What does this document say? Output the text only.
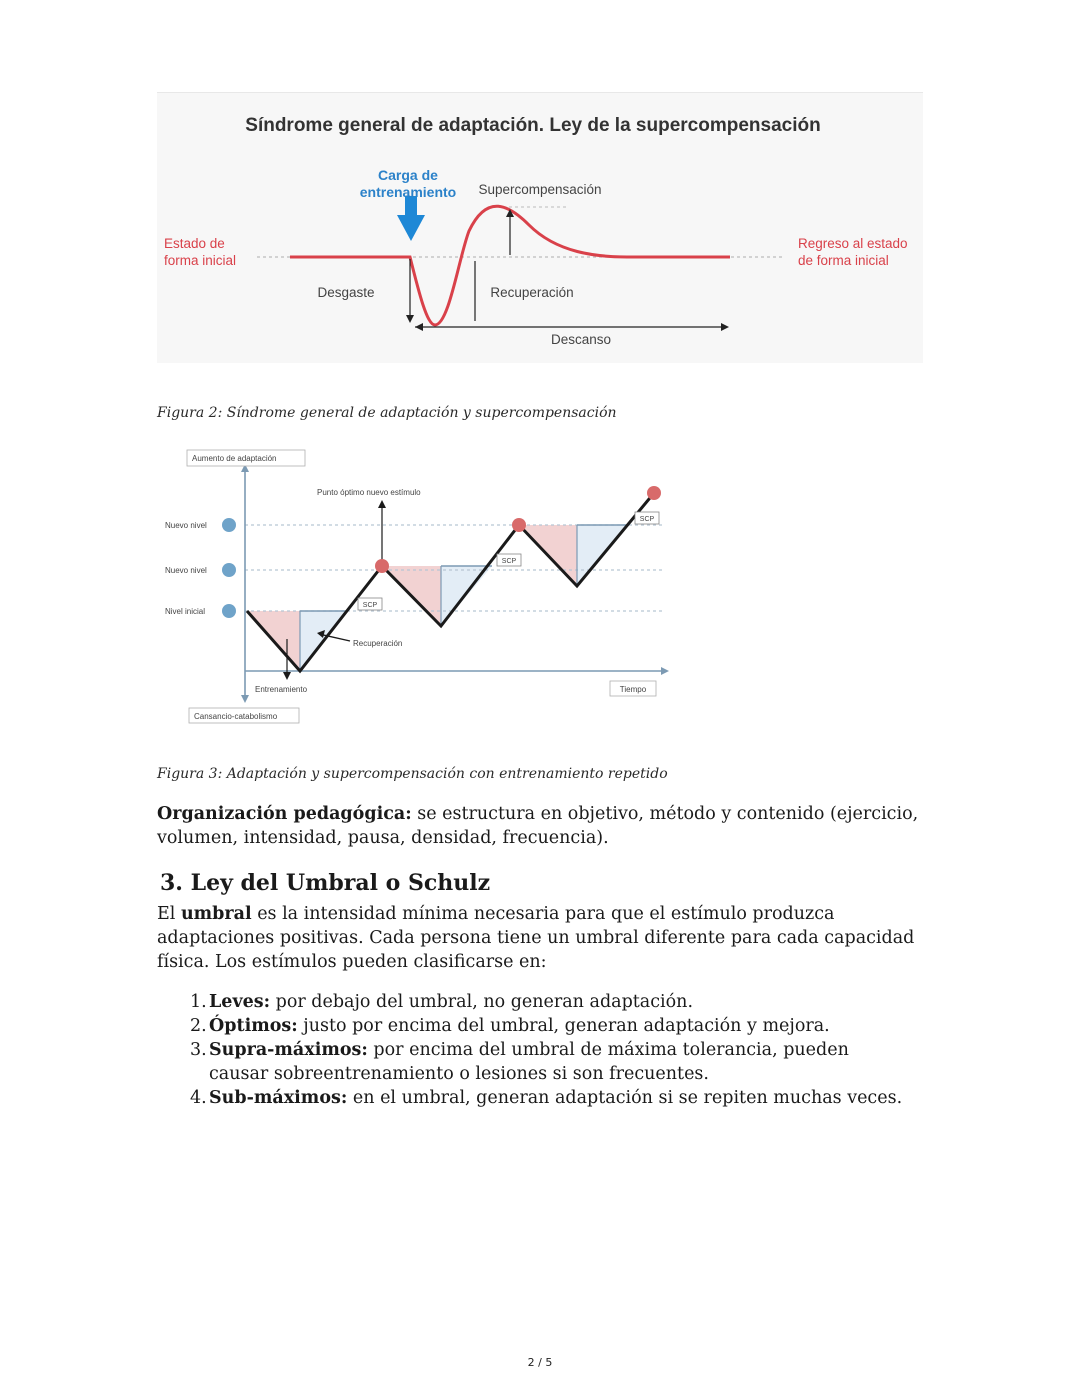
Síndrome general de adaptación. Ley de la supercompensación
Carga de
entrenamiento Supercompensación
Estado de
forma inicial
Regreso al estado
de forma inicial
Desgaste	Recuperación
Descanso
Figura 2: Síndrome general de adaptación y supercompensación
SCP
SCP
SCP
Aumento de adaptación
Punto óptimo nuevo estímulo
Nuevo nivel
Nuevo nivel
Nivel inicial
Recuperación
Entrenamiento	Tiempo
Cansancio-catabolismo
Figura 3: Adaptación y supercompensación con entrenamiento repetido
Organización pedagógica: se estructura en objetivo, método y contenido (ejercicio, volumen, intensidad, pausa, densidad, frecuencia).
3. Ley del Umbral o Schulz
El umbral es la intensidad mínima necesaria para que el estímulo produzca adaptaciones positivas. Cada persona tiene un umbral diferente para cada capacidad física. Los estímulos pueden clasificarse en:
1. Leves: por debajo del umbral, no generan adaptación.
2. Óptimos: justo por encima del umbral, generan adaptación y mejora.
3. Supra-máximos: por encima del umbral de máxima tolerancia, pueden causar sobreentrenamiento o lesiones si son frecuentes.
4. Sub-máximos: en el umbral, generan adaptación si se repiten muchas veces.
2 / 5
